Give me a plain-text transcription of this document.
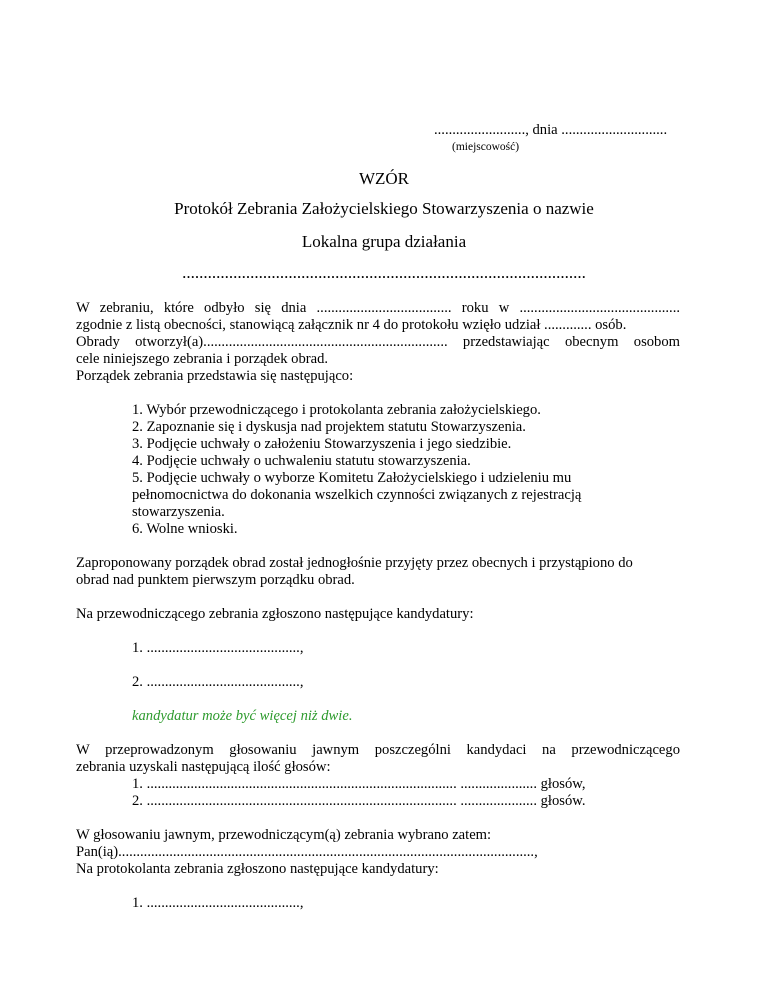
........................., dnia .............................
(miejscowość)
WZÓR
Protokół Zebrania Założycielskiego Stowarzyszenia o nazwie
Lokalna grupa działania
...............................................................................................
W zebraniu, które odbyło się dnia ..................................... roku w ............................................
zgodnie z listą obecności, stanowiącą załącznik nr 4 do protokołu wzięło udział ............. osób.
Obrady otworzył(a)................................................................... przedstawiając obecnym osobom
cele niniejszego zebrania i porządek obrad.
Porządek zebrania przedstawia się następująco:
1. Wybór przewodniczącego i protokolanta zebrania założycielskiego.
2. Zapoznanie się i dyskusja nad projektem statutu Stowarzyszenia.
3. Podjęcie uchwały o założeniu Stowarzyszenia i jego siedzibie.
4. Podjęcie uchwały o uchwaleniu statutu stowarzyszenia.
5. Podjęcie uchwały o wyborze Komitetu Założycielskiego i udzieleniu mu
pełnomocnictwa do dokonania wszelkich czynności związanych z rejestracją
stowarzyszenia.
6. Wolne wnioski.
Zaproponowany porządek obrad został jednogłośnie przyjęty przez obecnych i przystąpiono do
obrad nad punktem pierwszym porządku obrad.
Na przewodniczącego zebrania zgłoszono następujące kandydatury:
1. ..........................................,
2. ..........................................,
kandydatur może być więcej niż dwie.
W przeprowadzonym głosowaniu jawnym poszczególni kandydaci na przewodniczącego
zebrania uzyskali następującą ilość głosów:
1. ..................................................................................... ..................... głosów,
2. ..................................................................................... ..................... głosów.
W głosowaniu jawnym, przewodniczącym(ą) zebrania wybrano zatem:
Pan(ią)..................................................................................................................,
Na protokolanta zebrania zgłoszono następujące kandydatury:
1. ..........................................,
